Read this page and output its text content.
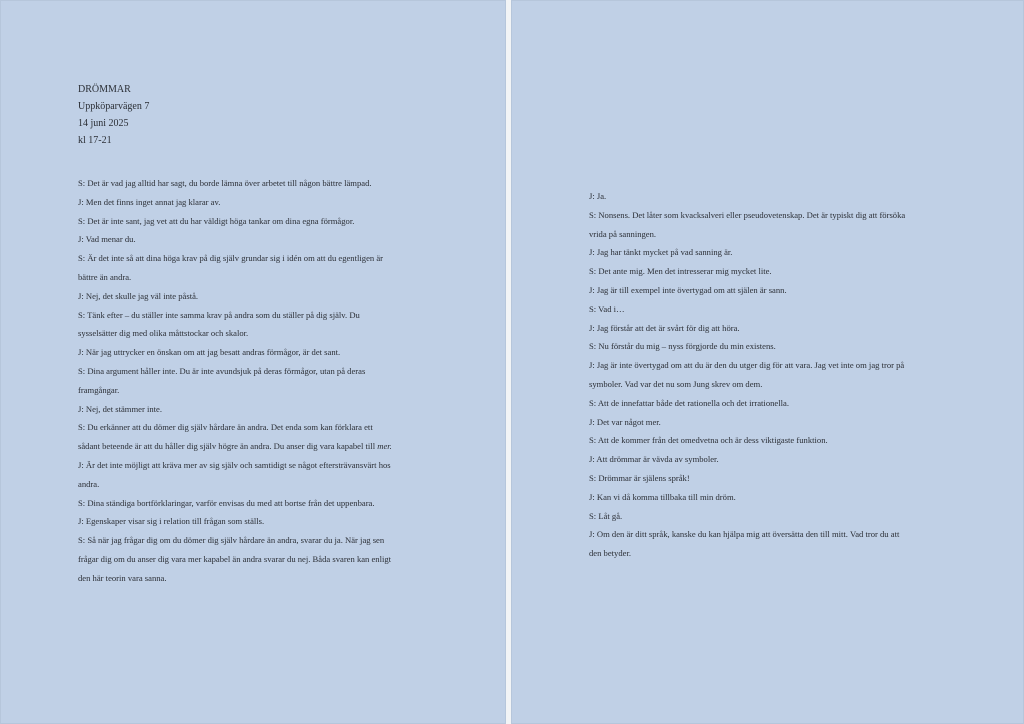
DRÖMMAR
Uppköparvägen 7
14 juni 2025
kl 17-21

S: Det är vad jag alltid har sagt, du borde lämna över arbetet till någon bättre lämpad.

J: Men det finns inget annat jag klarar av.

S: Det är inte sant, jag vet att du har väldigt höga tankar om dina egna förmågor.

J: Vad menar du.

S: Är det inte så att dina höga krav på dig själv grundar sig i idén om att du egentligen är

bättre än andra.

J: Nej, det skulle jag väl inte påstå.

S: Tänk efter – du ställer inte samma krav på andra som du ställer på dig själv. Du

sysselsätter dig med olika måttstockar och skalor.

J: När jag uttrycker en önskan om att jag besatt andras förmågor, är det sant.

S: Dina argument håller inte. Du är inte avundsjuk på deras förmågor, utan på deras

framgångar.

J: Nej, det stämmer inte.

S: Du erkänner att du dömer dig själv hårdare än andra. Det enda som kan förklara ett

sådant beteende är att du håller dig själv högre än andra. Du anser dig vara kapabel till mer.

J: Är det inte möjligt att kräva mer av sig själv och samtidigt se något eftersträvansvärt hos

andra.

S: Dina ständiga bortförklaringar, varför envisas du med att bortse från det uppenbara.

J: Egenskaper visar sig i relation till frågan som ställs.

S: Så när jag frågar dig om du dömer dig själv hårdare än andra, svarar du ja. När jag sen

frågar dig om du anser dig vara mer kapabel än andra svarar du nej. Båda svaren kan enligt

den här teorin vara sanna.

J: Ja.

S: Nonsens. Det låter som kvacksalveri eller pseudovetenskap. Det är typiskt dig att försöka

vrida på sanningen.

J: Jag har tänkt mycket på vad sanning är.

S: Det ante mig. Men det intresserar mig mycket lite.

J: Jag är till exempel inte övertygad om att själen är sann.

S: Vad i…

J: Jag förstår att det är svårt för dig att höra.

S: Nu förstår du mig – nyss förgjorde du min existens.

J: Jag är inte övertygad om att du är den du utger dig för att vara. Jag vet inte om jag tror på

symboler. Vad var det nu som Jung skrev om dem.

S: Att de innefattar både det rationella och det irrationella.

J: Det var något mer.

S: Att de kommer från det omedvetna och är dess viktigaste funktion.

J: Att drömmar är vävda av symboler.

S: Drömmar är själens språk!

J: Kan vi då komma tillbaka till min dröm.

S: Låt gå.

J: Om den är ditt språk, kanske du kan hjälpa mig att översätta den till mitt. Vad tror du att

den betyder.
